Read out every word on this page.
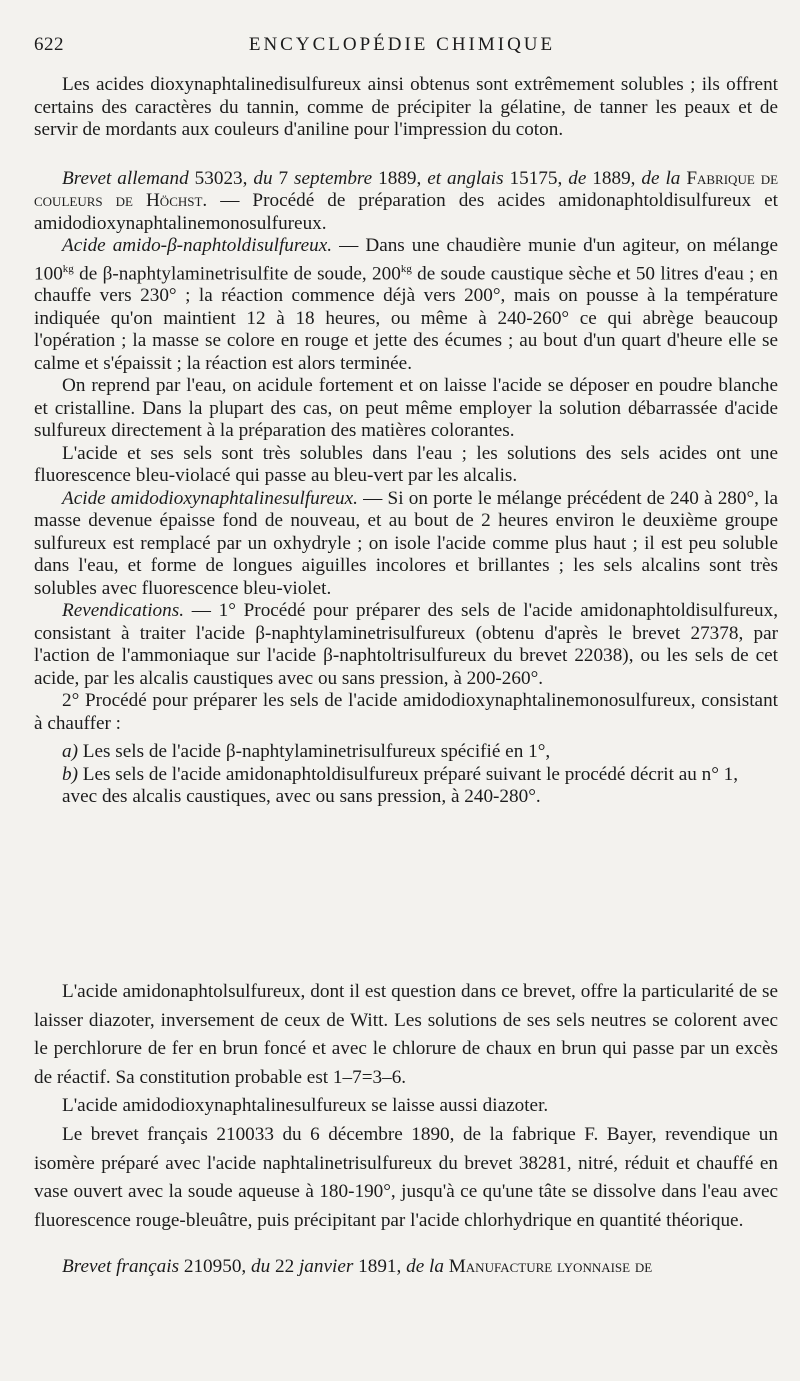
622	ENCYCLOPÉDIE CHIMIQUE

Les acides dioxynaphtalinedisulfureux ainsi obtenus sont extrêmement solubles ; ils offrent certains des caractères du tannin, comme de précipiter la gélatine, de tanner les peaux et de servir de mordants aux couleurs d'aniline pour l'impression du coton.

Brevet allemand 53023, du 7 septembre 1889, et anglais 15175, de 1889, de la Fabrique de couleurs de Höchst. — Procédé de préparation des acides amidonaphtoldisulfureux et amidodioxynaphtalinemonosulfureux.

Acide amido-β-naphtoldisulfureux. — Dans une chaudière munie d'un agiteur, on mélange $100^{kg}$ de β-naphtylaminetrisulfite de soude, $200^{kg}$ de soude caustique sèche et 50 litres d'eau ; en chauffe vers 230° ; la réaction commence déjà vers 200°, mais on pousse à la température indiquée qu'on maintient 12 à 18 heures, ou même à 240-260° ce qui abrège beaucoup l'opération ; la masse se colore en rouge et jette des écumes ; au bout d'un quart d'heure elle se calme et s'épaissit ; la réaction est alors terminée.

On reprend par l'eau, on acidule fortement et on laisse l'acide se déposer en poudre blanche et cristalline. Dans la plupart des cas, on peut même employer la solution débarrassée d'acide sulfureux directement à la préparation des matières colorantes.

L'acide et ses sels sont très solubles dans l'eau ; les solutions des sels acides ont une fluorescence bleu-violacé qui passe au bleu-vert par les alcalis.

Acide amidodioxynaphtalinesulfureux. — Si on porte le mélange précédent de 240 à 280°, la masse devenue épaisse fond de nouveau, et au bout de 2 heures environ le deuxième groupe sulfureux est remplacé par un oxhydryle ; on isole l'acide comme plus haut ; il est peu soluble dans l'eau, et forme de longues aiguilles incolores et brillantes ; les sels alcalins sont très solubles avec fluorescence bleu-violet.

Revendications. — 1° Procédé pour préparer des sels de l'acide amidonaphtoldisulfureux, consistant à traiter l'acide β-naphtylaminetrisulfureux (obtenu d'après le brevet 27378, par l'action de l'ammoniaque sur l'acide β-naphtoltrisulfureux du brevet 22038), ou les sels de cet acide, par les alcalis caustiques avec ou sans pression, à 200-260°.

2° Procédé pour préparer les sels de l'acide amidodioxynaphtalinemonosulfureux, consistant à chauffer :

a) Les sels de l'acide β-naphtylaminetrisulfureux spécifié en 1°,

b) Les sels de l'acide amidonaphtoldisulfureux préparé suivant le procédé décrit au n° 1,

avec des alcalis caustiques, avec ou sans pression, à 240-280°.

L'acide amidonaphtolsulfureux, dont il est question dans ce brevet, offre la particularité de se laisser diazoter, inversement de ceux de Witt. Les solutions de ses sels neutres se colorent avec le perchlorure de fer en brun foncé et avec le chlorure de chaux en brun qui passe par un excès de réactif. Sa constitution probable est 1–7=3–6.

L'acide amidodioxynaphtalinesulfureux se laisse aussi diazoter.

Le brevet français 210033 du 6 décembre 1890, de la fabrique F. Bayer, revendique un isomère préparé avec l'acide naphtalinetrisulfureux du brevet 38281, nitré, réduit et chauffé en vase ouvert avec la soude aqueuse à 180-190°, jusqu'à ce qu'une tâte se dissolve dans l'eau avec fluorescence rouge-bleuâtre, puis précipitant par l'acide chlorhydrique en quantité théorique.

Brevet français 210950, du 22 janvier 1891, de la Manufacture lyonnaise de
